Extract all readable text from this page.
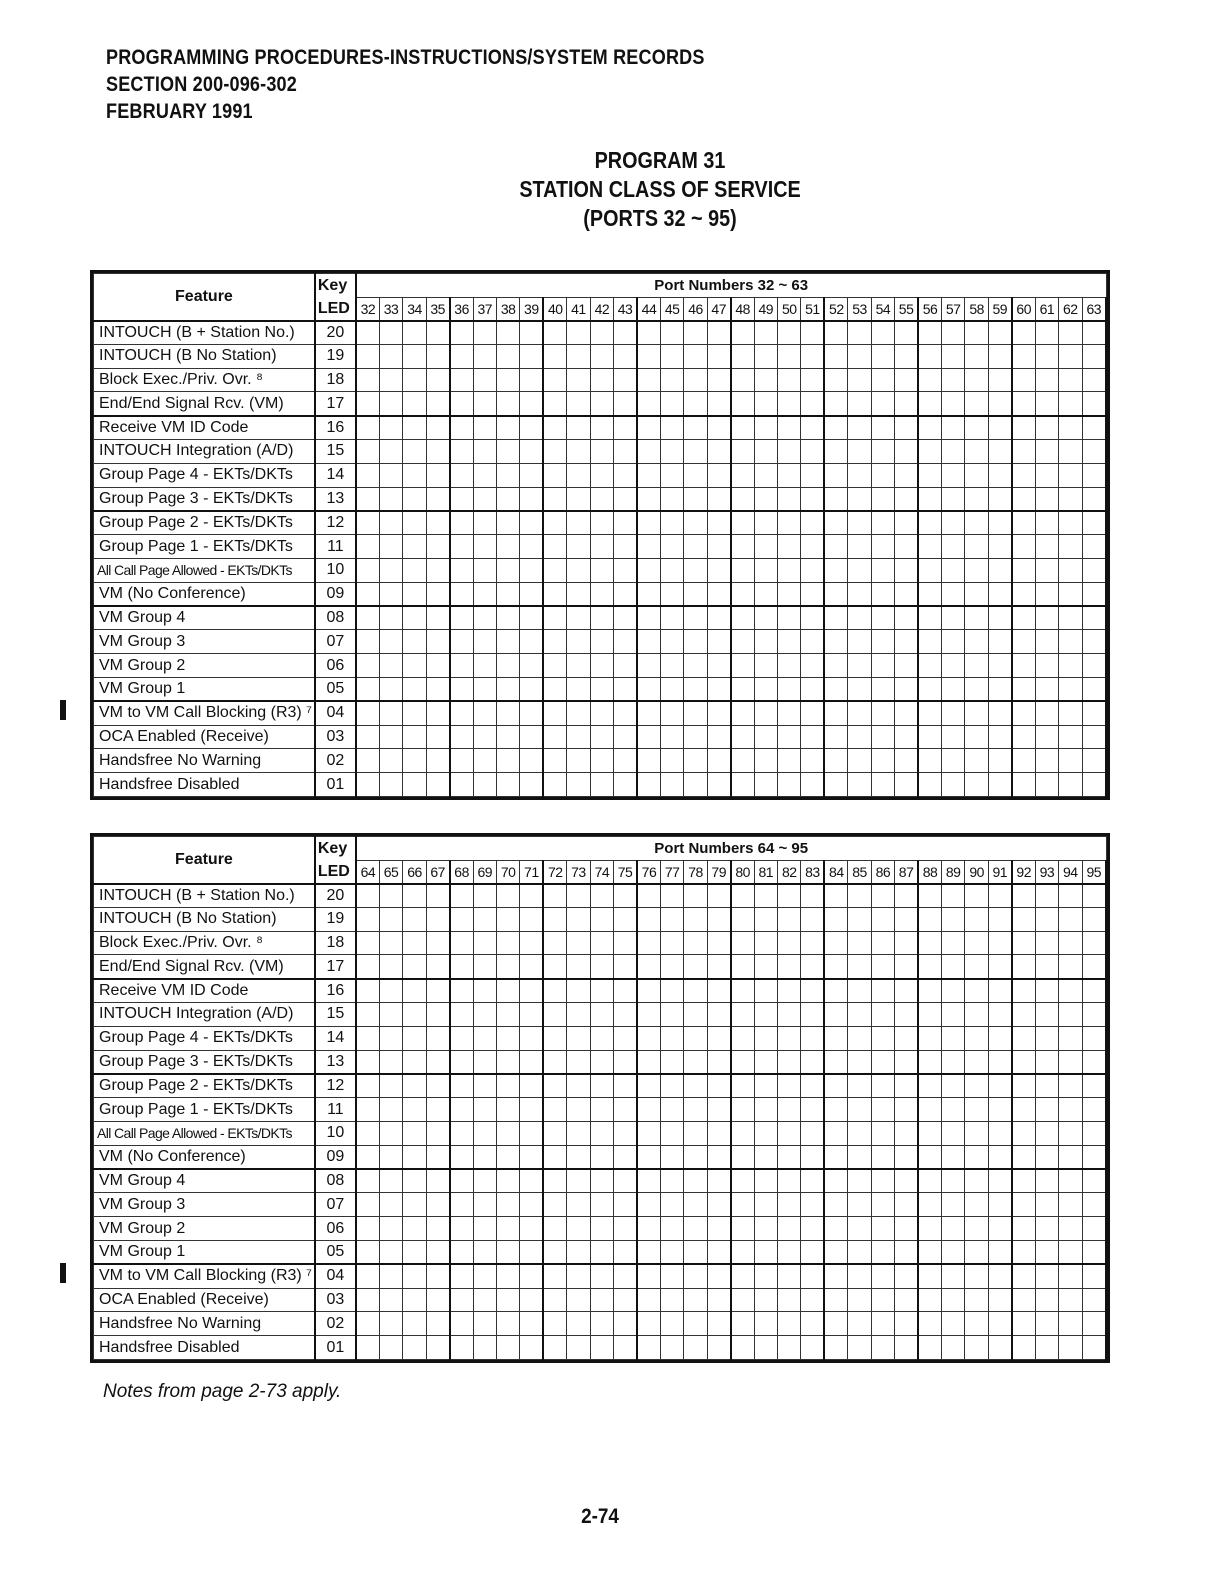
PROGRAMMING PROCEDURES-INSTRUCTIONS/SYSTEM RECORDS
SECTION 200-096-302
FEBRUARY 1991
PROGRAM 31
STATION CLASS OF SERVICE
(PORTS 32 ~ 95)
Feature	Key	Port Numbers 32 ~ 63																															
	LED	32	33	34	35	36	37	38	39	40	41	42	43	44	45	46	47	48	49	50	51	52	53	54	55	56	57	58	59	60	61	62	63
INTOUCH (B + Station No.)	20																																
INTOUCH (B No Station)	19																																
Block Exec./Priv. Ovr. ⁸	18																																
End/End Signal Rcv. (VM)	17																																
Receive VM ID Code	16																																
INTOUCH Integration (A/D)	15																																
Group Page 4 - EKTs/DKTs	14																																
Group Page 3 - EKTs/DKTs	13																																
Group Page 2 - EKTs/DKTs	12																																
Group Page 1 - EKTs/DKTs	11																																
All Call Page Allowed - EKTs/DKTs	10																																
VM (No Conference)	09																																
VM Group 4	08																																
VM Group 3	07																																
VM Group 2	06																																
VM Group 1	05																																
VM to VM Call Blocking (R3) ⁷	04																																
OCA Enabled (Receive)	03																																
Handsfree No Warning	02																																
Handsfree Disabled	01																																
Feature	Key	Port Numbers 64 ~ 95																															
	LED	64	65	66	67	68	69	70	71	72	73	74	75	76	77	78	79	80	81	82	83	84	85	86	87	88	89	90	91	92	93	94	95
INTOUCH (B + Station No.)	20																																
INTOUCH (B No Station)	19																																
Block Exec./Priv. Ovr. ⁸	18																																
End/End Signal Rcv. (VM)	17																																
Receive VM ID Code	16																																
INTOUCH Integration (A/D)	15																																
Group Page 4 - EKTs/DKTs	14																																
Group Page 3 - EKTs/DKTs	13																																
Group Page 2 - EKTs/DKTs	12																																
Group Page 1 - EKTs/DKTs	11																																
All Call Page Allowed - EKTs/DKTs	10																																
VM (No Conference)	09																																
VM Group 4	08																																
VM Group 3	07																																
VM Group 2	06																																
VM Group 1	05																																
VM to VM Call Blocking (R3) ⁷	04																																
OCA Enabled (Receive)	03																																
Handsfree No Warning	02																																
Handsfree Disabled	01																																
Notes from page 2-73 apply.
2-74
